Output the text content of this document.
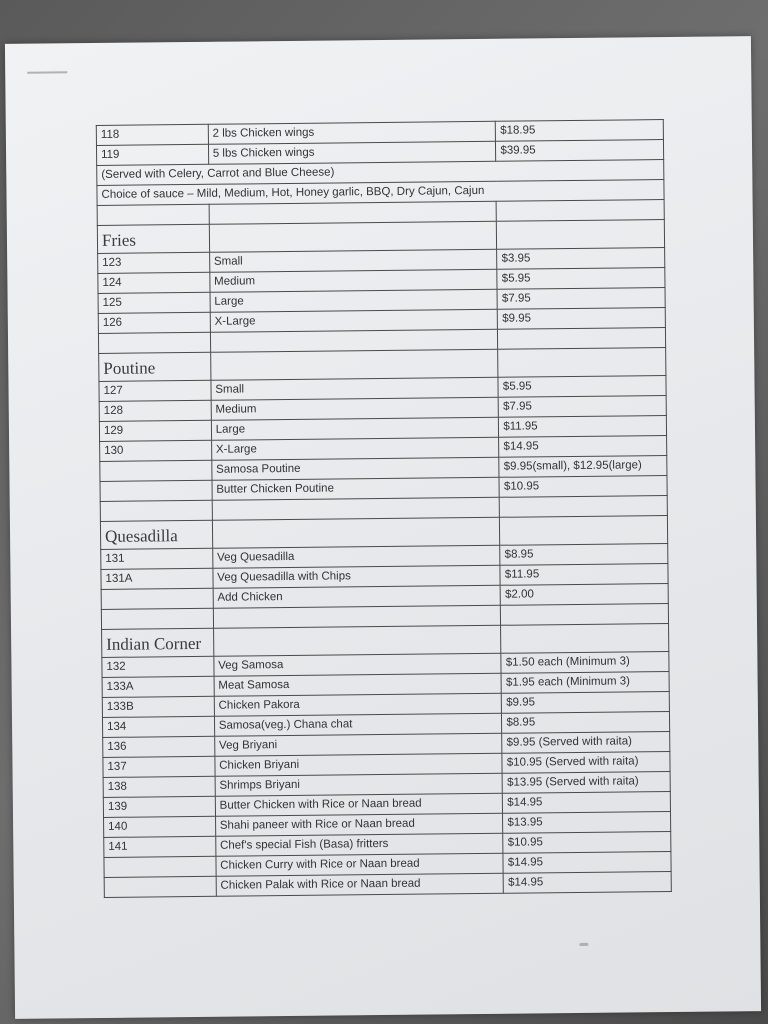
118	2 lbs Chicken wings	$18.95
119	5 lbs Chicken wings	$39.95
(Served with Celery, Carrot and Blue Cheese)		
Choice of sauce – Mild, Medium, Hot, Honey garlic, BBQ, Dry Cajun, Cajun		

Fries		
123	Small	$3.95
124	Medium	$5.95
125	Large	$7.95
126	X-Large	$9.95

Poutine		
127	Small	$5.95
128	Medium	$7.95
129	Large	$11.95
130	X-Large	$14.95
	Samosa Poutine	$9.95(small), $12.95(large)
	Butter Chicken Poutine	$10.95

Quesadilla		
131	Veg Quesadilla	$8.95
131A	Veg Quesadilla with Chips	$11.95
	Add Chicken	$2.00

Indian Corner		
132	Veg Samosa	$1.50 each (Minimum 3)
133A	Meat Samosa	$1.95 each (Minimum 3)
133B	Chicken Pakora	$9.95
134	Samosa(veg.) Chana chat	$8.95
136	Veg Briyani	$9.95 (Served with raita)
137	Chicken Briyani	$10.95 (Served with raita)
138	Shrimps Briyani	$13.95 (Served with raita)
139	Butter Chicken with Rice or Naan bread	$14.95
140	Shahi paneer with Rice or Naan bread	$13.95
141	Chef's special Fish (Basa) fritters	$10.95
	Chicken Curry with Rice or Naan bread	$14.95
	Chicken Palak with Rice or Naan bread	$14.95
